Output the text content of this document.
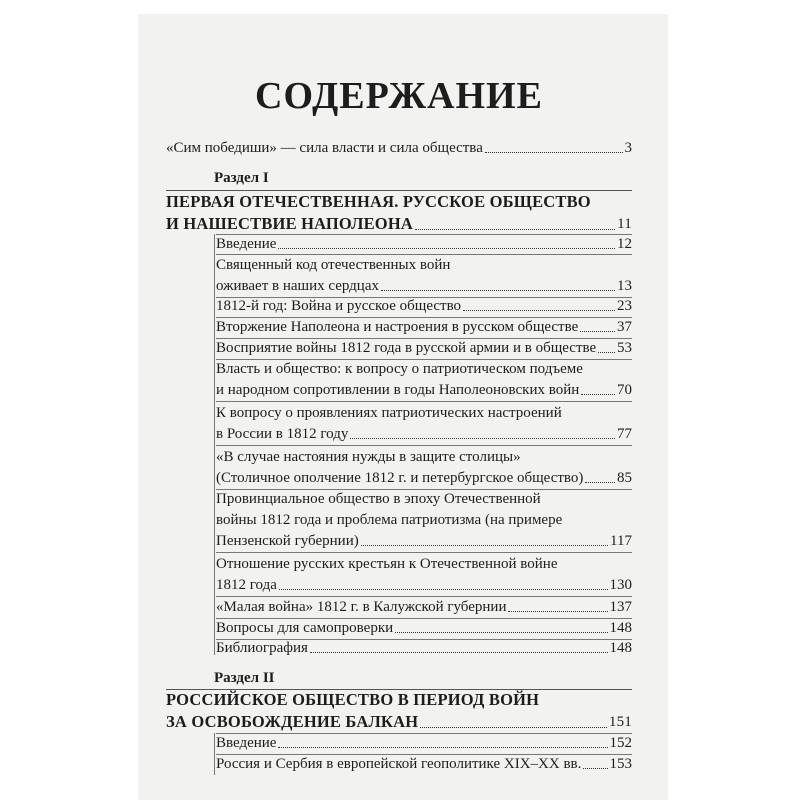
СОДЕРЖАНИЕ
«Сим победиши» — сила власти и сила общества	3
Раздел I
ПЕРВАЯ ОТЕЧЕСТВЕННАЯ. РУССКОЕ ОБЩЕСТВО
И НАШЕСТВИЕ НАПОЛЕОНА	11
Введение	12
Священный код отечественных войн
оживает в наших сердцах	13
1812-й год: Война и русское общество	23
Вторжение Наполеона и настроения в русском обществе	37
Восприятие войны 1812 года в русской армии и в обществе 53
Власть и общество: к вопросу о патриотическом подъеме
и народном сопротивлении в годы Наполеоновских войн	70
К вопросу о проявлениях патриотических настроений
в России в 1812 году	77
«В случае настояния нужды в защите столицы»
(Столичное ополчение 1812 г. и петербургское общество) 85
Провинциальное общество в эпоху Отечественной
войны 1812 года и проблема патриотизма (на примере
Пензенской губернии)	117
Отношение русских крестьян к Отечественной войне
1812 года	130
«Малая война» 1812 г. в Калужской губернии	137
Вопросы для самопроверки	148
Библиография	148
Раздел II
РОССИЙСКОЕ ОБЩЕСТВО В ПЕРИОД ВОЙН
ЗА ОСВОБОЖДЕНИЕ БАЛКАН	151
Введение	152
Россия и Сербия в европейской геополитике XIX–XX вв. 153
